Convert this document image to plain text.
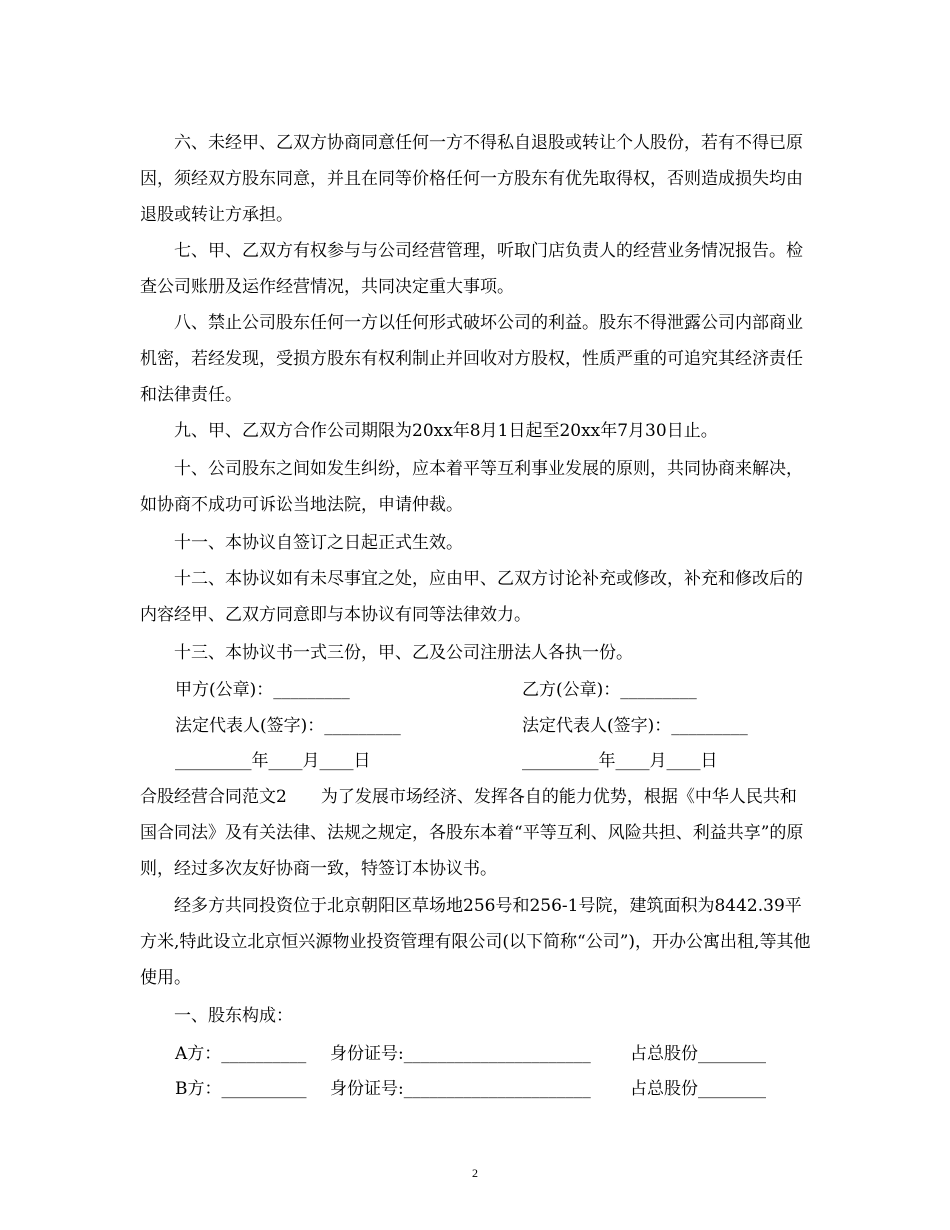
六、未经甲、乙双方协商同意任何一方不得私自退股或转让个人股份，若有不得已原因，须经双方股东同意，并且在同等价格任何一方股东有优先取得权，否则造成损失均由退股或转让方承担。

七、甲、乙双方有权参与与公司经营管理，听取门店负责人的经营业务情况报告。检查公司账册及运作经营情况，共同决定重大事项。

八、禁止公司股东任何一方以任何形式破坏公司的利益。股东不得泄露公司内部商业机密，若经发现，受损方股东有权利制止并回收对方股权，性质严重的可追究其经济责任和法律责任。

九、甲、乙双方合作公司期限为20xx年8月1日起至20xx年7月30日止。

十、公司股东之间如发生纠纷，应本着平等互利事业发展的原则，共同协商来解决，如协商不成功可诉讼当地法院，申请仲裁。

十一、本协议自签订之日起正式生效。

十二、本协议如有未尽事宜之处，应由甲、乙双方讨论补充或修改，补充和修改后的内容经甲、乙双方同意即与本协议有同等法律效力。

十三、本协议书一式三份，甲、乙及公司注册法人各执一份。

甲方(公章)：_________	乙方(公章)：_________
法定代表人(签字)：_________	法定代表人(签字)：_________
_________年____月____日	_________年____月____日

合股经营合同范文2　　为了发展市场经济、发挥各自的能力优势，根据《中华人民共和国合同法》及有关法律、法规之规定，各股东本着“平等互利、风险共担、利益共享”的原则，经过多次友好协商一致，特签订本协议书。

经多方共同投资位于北京朝阳区草场地256号和256-1号院，建筑面积为8442.39平方米,特此设立北京恒兴源物业投资管理有限公司(以下简称“公司”)，开办公寓出租,等其他使用。

一、股东构成：

A方：__________ 身份证号:______________________ 占总股份________
B方：__________ 身份证号:______________________ 占总股份________
2
